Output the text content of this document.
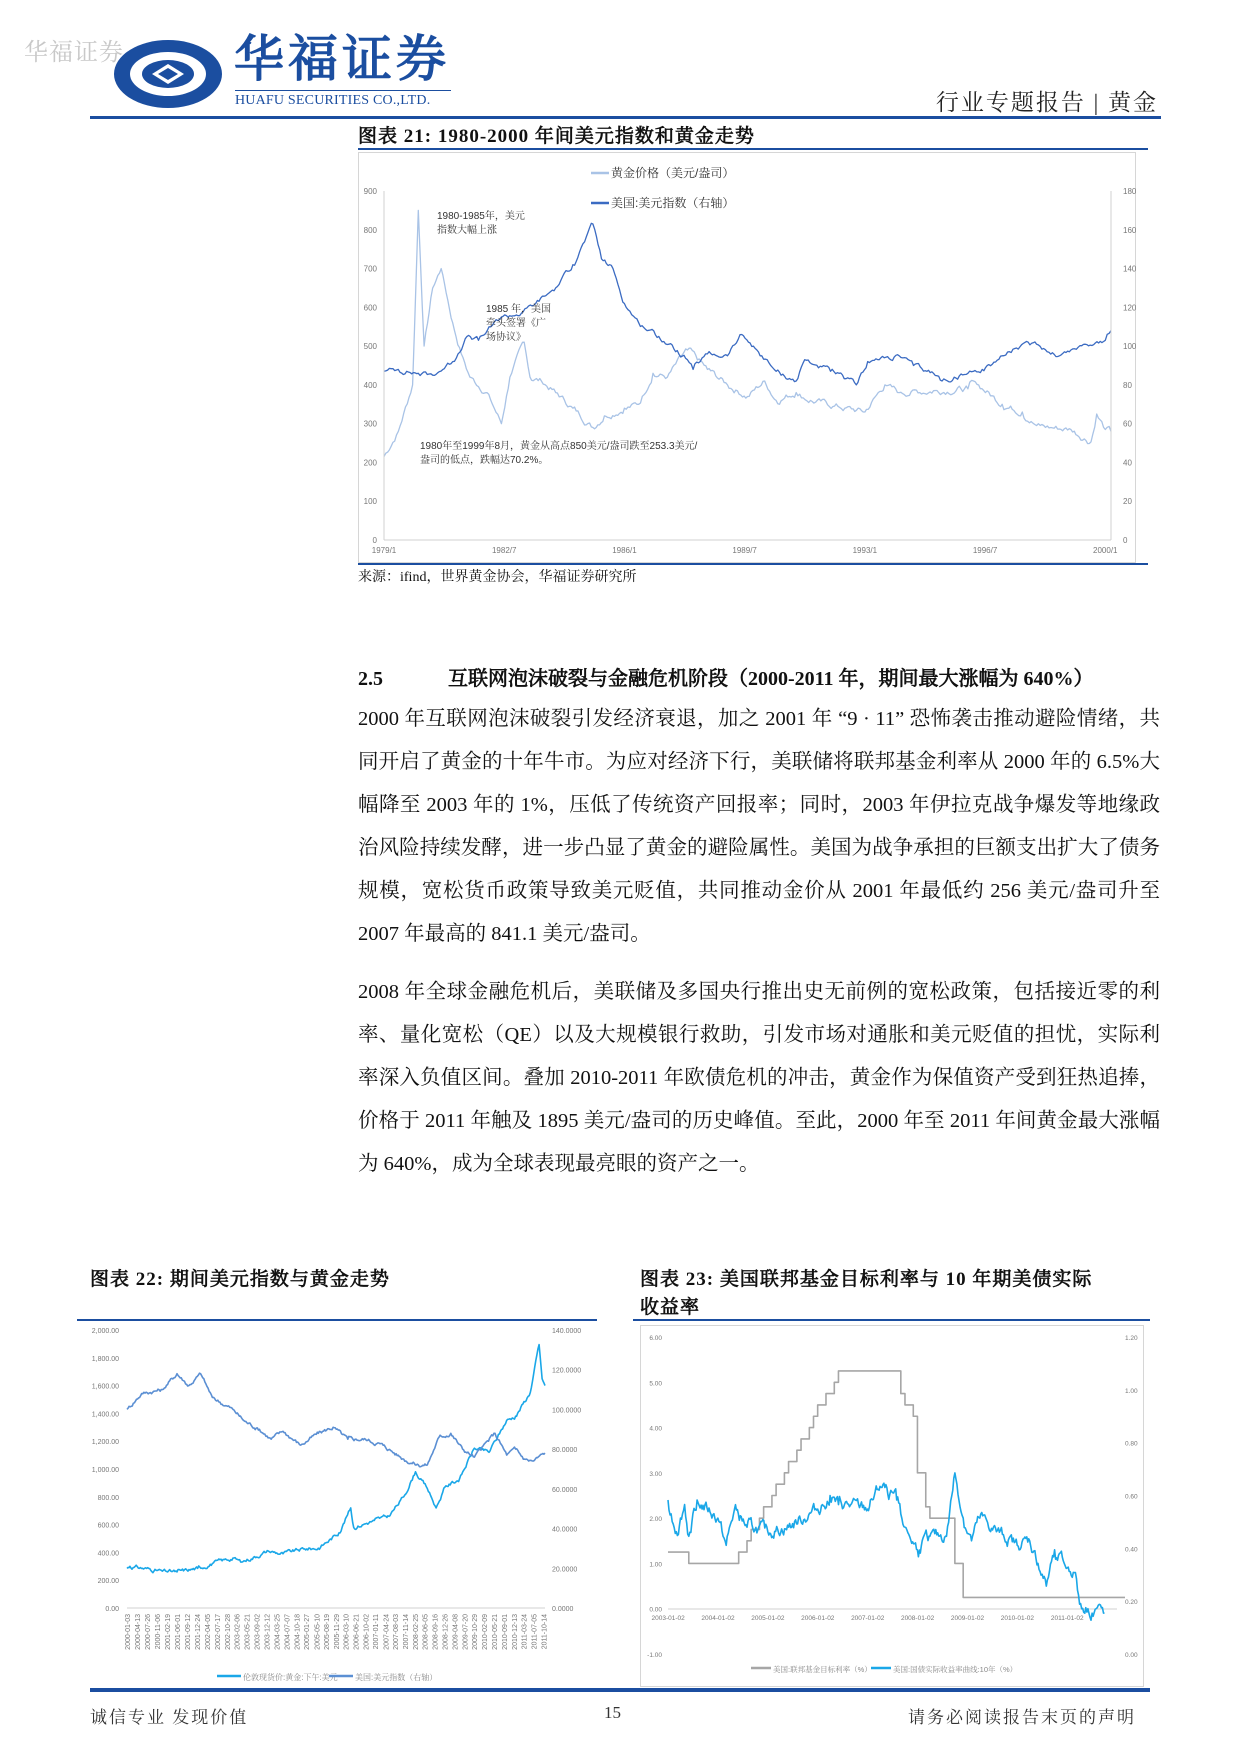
华福证券 华福证券
HUAFU SECURITIES CO.,LTD.	行业专题报告 | 黄金
图表 21: 1980-2000 年间美元指数和黄金走势
0
100
200
300
400
500
600
700
800
900
0
20
40
60
80
100
120
140
160
180
1979/1	1982/7	1986/1	1989/7	1993/1	1996/7	2000/1
黄金价格（美元/盎司）
美国:美元指数（右轴）
1980-1985年，美元
指数大幅上涨
1985 年，美国
牵头签署《广
场协议》
1980年至1999年8月，黄金从高点850美元/盎司跌至253.3美元/
盎司的低点，跌幅达70.2%。
来源：ifind，世界黄金协会，华福证券研究所
2.5	互联网泡沫破裂与金融危机阶段（2000-2011 年，期间最大涨幅为 640%）
2000 年互联网泡沫破裂引发经济衰退，加之 2001 年 “9 · 11” 恐怖袭击推动避险情绪，共同开启了黄金的十年牛市。为应对经济下行，美联储将联邦基金利率从 2000 年的 6.5%大幅降至 2003 年的 1%，压低了传统资产回报率；同时，2003 年伊拉克战争爆发等地缘政治风险持续发酵，进一步凸显了黄金的避险属性。美国为战争承担的巨额支出扩大了债务规模，宽松货币政策导致美元贬值，共同推动金价从 2001 年最低约 256 美元/盎司升至 2007 年最高的 841.1 美元/盎司。
2008 年全球金融危机后，美联储及多国央行推出史无前例的宽松政策，包括接近零的利率、量化宽松（QE）以及大规模银行救助，引发市场对通胀和美元贬值的担忧，实际利率深入负值区间。叠加 2010-2011 年欧债危机的冲击，黄金作为保值资产受到狂热追捧，价格于 2011 年触及 1895 美元/盎司的历史峰值。至此，2000 年至 2011 年间黄金最大涨幅为 640%，成为全球表现最亮眼的资产之一。
图表 22: 期间美元指数与黄金走势
0.00
200.00
400.00
600.00
800.00
1,000.00
1,200.00
1,400.00
1,600.00
1,800.00
2,000.00
0.0000
20.0000
40.0000
60.0000
80.0000
100.0000
120.0000
140.0000
2000-01-03 2000-04-13 2000-07-26 2000-11-06 2001-02-19 2001-06-01 2001-09-12 2001-12-24 2002-04-05 2002-07-17 2002-10-28 2003-02-06 2003-05-21 2003-09-02 2003-12-12 2004-03-25 2004-07-07 2004-10-18 2005-01-27 2005-05-10 2005-08-19 2005-11-29 2006-03-10 2006-06-21 2006-10-02 2007-01-11 2007-04-24 2007-08-03 2007-11-14 2008-02-25 2008-06-05 2008-09-16 2008-12-26 2009-04-08 2009-07-20 2009-10-29 2010-02-09 2010-05-21 2010-09-01 2010-12-13 2011-03-24 2011-07-05 2011-10-14
伦敦现货价:黄金:下午:美元 美国:美元指数（右轴）
图表 23: 美国联邦基金目标利率与 10 年期美债实际
收益率
-1.00
0.00
1.00
2.00
3.00
4.00
5.00
6.00
0.00
0.20
0.40
0.60
0.80
1.00
1.20
2003-01-02	2004-01-02	2005-01-02	2006-01-02	2007-01-02	2008-01-02	2009-01-02	2010-01-02	2011-01-02
美国:联邦基金目标利率（%）	美国:国债实际收益率曲线:10年（%）
诚信专业 发现价值	15	请务必阅读报告末页的声明
